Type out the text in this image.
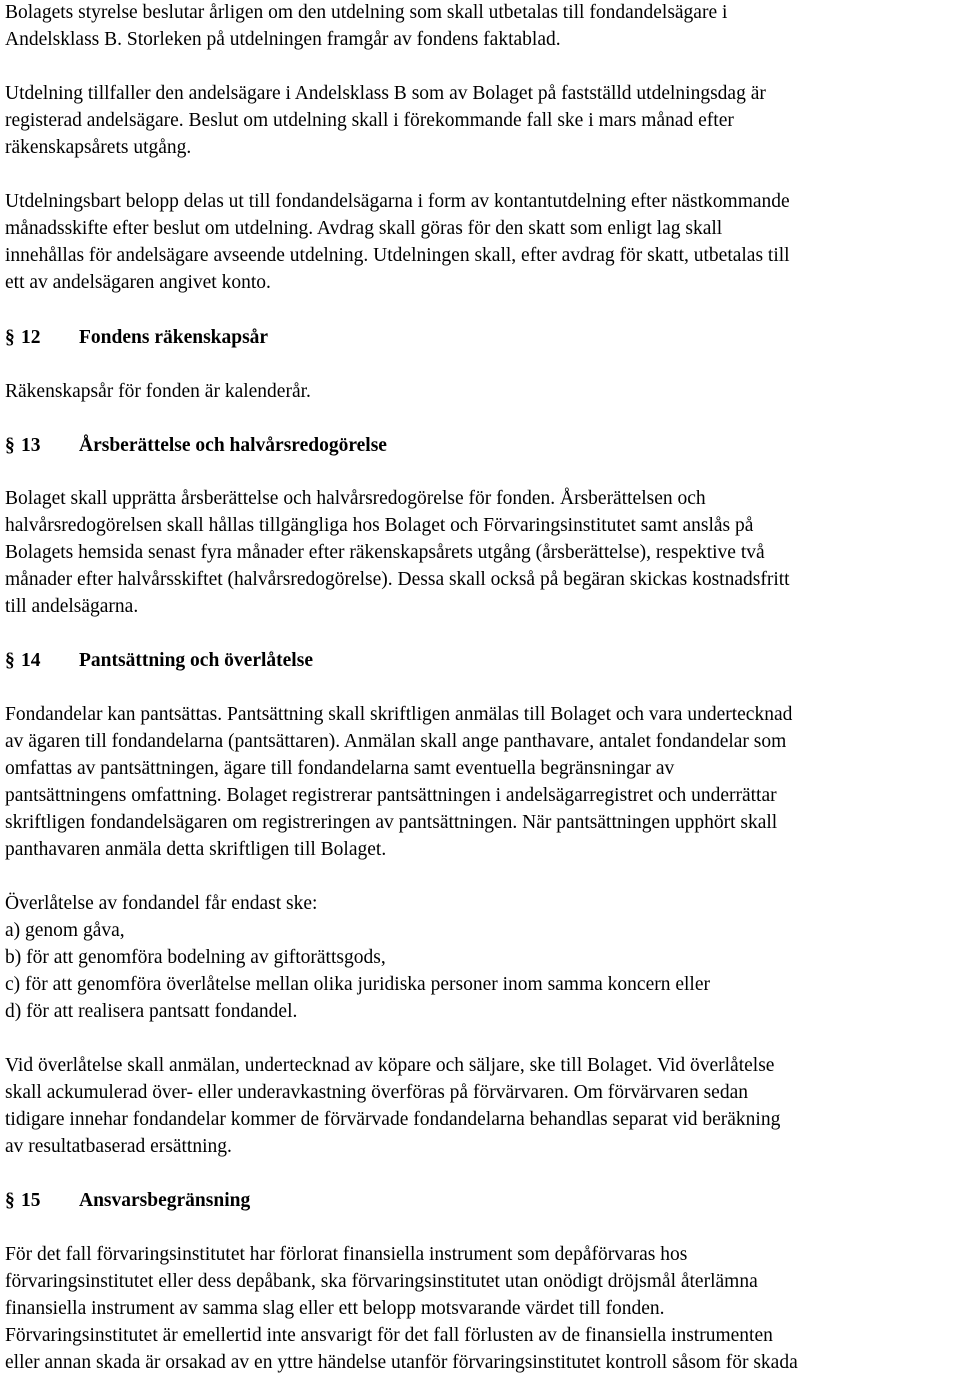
Bolagets styrelse beslutar årligen om den utdelning som skall utbetalas till fondandelsägare i
Andelsklass B. Storleken på utdelningen framgår av fondens faktablad.
Utdelning tillfaller den andelsägare i Andelsklass B som av Bolaget på fastställd utdelningsdag är
registerad andelsägare. Beslut om utdelning skall i förekommande fall ske i mars månad efter
räkenskapsårets utgång.
Utdelningsbart belopp delas ut till fondandelsägarna i form av kontantutdelning efter nästkommande
månadsskifte efter beslut om utdelning. Avdrag skall göras för den skatt som enligt lag skall
innehållas för andelsägare avseende utdelning. Utdelningen skall, efter avdrag för skatt, utbetalas till
ett av andelsägaren angivet konto.
§ 12 Fondens räkenskapsår
Räkenskapsår för fonden är kalenderår.
§ 13 Årsberättelse och halvårsredogörelse
Bolaget skall upprätta årsberättelse och halvårsredogörelse för fonden. Årsberättelsen och
halvårsredogörelsen skall hållas tillgängliga hos Bolaget och Förvaringsinstitutet samt anslås på
Bolagets hemsida senast fyra månader efter räkenskapsårets utgång (årsberättelse), respektive två
månader efter halvårsskiftet (halvårsredogörelse). Dessa skall också på begäran skickas kostnadsfritt
till andelsägarna.
§ 14 Pantsättning och överlåtelse
Fondandelar kan pantsättas. Pantsättning skall skriftligen anmälas till Bolaget och vara undertecknad
av ägaren till fondandelarna (pantsättaren). Anmälan skall ange panthavare, antalet fondandelar som
omfattas av pantsättningen, ägare till fondandelarna samt eventuella begränsningar av
pantsättningens omfattning. Bolaget registrerar pantsättningen i andelsägarregistret och underrättar
skriftligen fondandelsägaren om registreringen av pantsättningen. När pantsättningen upphört skall
panthavaren anmäla detta skriftligen till Bolaget.
Överlåtelse av fondandel får endast ske:
a) genom gåva,
b) för att genomföra bodelning av giftorättsgods,
c) för att genomföra överlåtelse mellan olika juridiska personer inom samma koncern eller
d) för att realisera pantsatt fondandel.
Vid överlåtelse skall anmälan, undertecknad av köpare och säljare, ske till Bolaget. Vid överlåtelse
skall ackumulerad över- eller underavkastning överföras på förvärvaren. Om förvärvaren sedan
tidigare innehar fondandelar kommer de förvärvade fondandelarna behandlas separat vid beräkning
av resultatbaserad ersättning.
§ 15 Ansvarsbegränsning
För det fall förvaringsinstitutet har förlorat finansiella instrument som depåförvaras hos
förvaringsinstitutet eller dess depåbank, ska förvaringsinstitutet utan onödigt dröjsmål återlämna
finansiella instrument av samma slag eller ett belopp motsvarande värdet till fonden.
Förvaringsinstitutet är emellertid inte ansvarigt för det fall förlusten av de finansiella instrumenten
eller annan skada är orsakad av en yttre händelse utanför förvaringsinstitutet kontroll såsom för skada
